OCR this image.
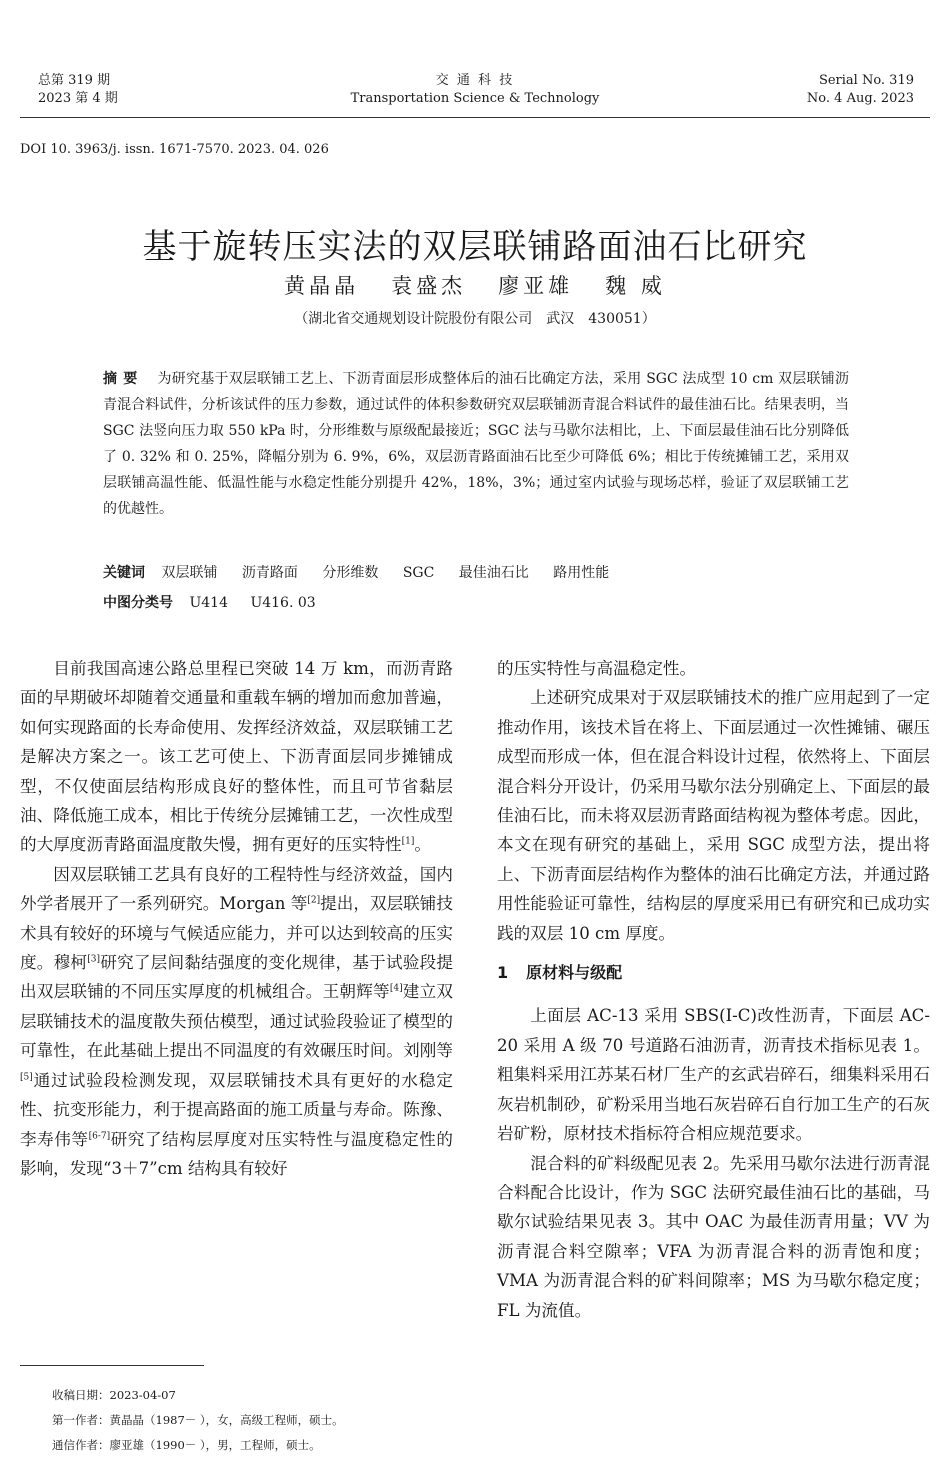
总第 319 期
2023 第 4 期
交 通 科 技
Transportation Science & Technology
Serial No. 319
No. 4 Aug. 2023
DOI 10. 3963/j. issn. 1671-7570. 2023. 04. 026
基于旋转压实法的双层联铺路面油石比研究
黄晶晶 袁盛杰 廖亚雄 魏 威
（湖北省交通规划设计院股份有限公司　武汉　430051）
摘要 为研究基于双层联铺工艺上、下沥青面层形成整体后的油石比确定方法，采用 SGC 法成型 10 cm 双层联铺沥青混合料试件，分析该试件的压力参数，通过试件的体积参数研究双层联铺沥青混合料试件的最佳油石比。结果表明，当 SGC 法竖向压力取 550 kPa 时，分形维数与原级配最接近；SGC 法与马歇尔法相比，上、下面层最佳油石比分别降低了 0. 32% 和 0. 25%，降幅分别为 6. 9%，6%，双层沥青路面油石比至少可降低 6%；相比于传统摊铺工艺，采用双层联铺高温性能、低温性能与水稳定性能分别提升 42%，18%，3%；通过室内试验与现场芯样，验证了双层联铺工艺的优越性。
关键词 双层联铺 沥青路面 分形维数 SGC 最佳油石比 路用性能
中图分类号 U414 U416. 03

目前我国高速公路总里程已突破 14 万 km，而沥青路面的早期破坏却随着交通量和重载车辆的增加而愈加普遍，如何实现路面的长寿命使用、发挥经济效益，双层联铺工艺是解决方案之一。该工艺可使上、下沥青面层同步摊铺成型，不仅使面层结构形成良好的整体性，而且可节省黏层油、降低施工成本，相比于传统分层摊铺工艺，一次性成型的大厚度沥青路面温度散失慢，拥有更好的压实特性[1]。

因双层联铺工艺具有良好的工程特性与经济效益，国内外学者展开了一系列研究。Morgan 等[2]提出，双层联铺技术具有较好的环境与气候适应能力，并可以达到较高的压实度。穆柯[3]研究了层间黏结强度的变化规律，基于试验段提出双层联铺的不同压实厚度的机械组合。王朝辉等[4]建立双层联铺技术的温度散失预估模型，通过试验段验证了模型的可靠性，在此基础上提出不同温度的有效碾压时间。刘刚等[5]通过试验段检测发现，双层联铺技术具有更好的水稳定性、抗变形能力，利于提高路面的施工质量与寿命。陈豫、李寿伟等[6-7]研究了结构层厚度对压实特性与温度稳定性的影响，发现“3＋7”cm 结构具有较好

的压实特性与高温稳定性。

上述研究成果对于双层联铺技术的推广应用起到了一定推动作用，该技术旨在将上、下面层通过一次性摊铺、碾压成型而形成一体，但在混合料设计过程，依然将上、下面层混合料分开设计，仍采用马歇尔法分别确定上、下面层的最佳油石比，而未将双层沥青路面结构视为整体考虑。因此，本文在现有研究的基础上，采用 SGC 成型方法，提出将上、下沥青面层结构作为整体的油石比确定方法，并通过路用性能验证可靠性，结构层的厚度采用已有研究和已成功实践的双层 10 cm 厚度。

1 原材料与级配

上面层 AC-13 采用 SBS(I-C)改性沥青，下面层 AC-20 采用 A 级 70 号道路石油沥青，沥青技术指标见表 1。粗集料采用江苏某石材厂生产的玄武岩碎石，细集料采用石灰岩机制砂，矿粉采用当地石灰岩碎石自行加工生产的石灰岩矿粉，原材技术指标符合相应规范要求。

混合料的矿料级配见表 2。先采用马歇尔法进行沥青混合料配合比设计，作为 SGC 法研究最佳油石比的基础，马歇尔试验结果见表 3。其中 OAC 为最佳沥青用量；VV 为沥青混合料空隙率；VFA 为沥青混合料的沥青饱和度；VMA 为沥青混合料的矿料间隙率；MS 为马歇尔稳定度；FL 为流值。

收稿日期：2023-04-07
第一作者：黄晶晶（1987－ ），女，高级工程师，硕士。
通信作者：廖亚雄（1990－ ），男，工程师，硕士。
